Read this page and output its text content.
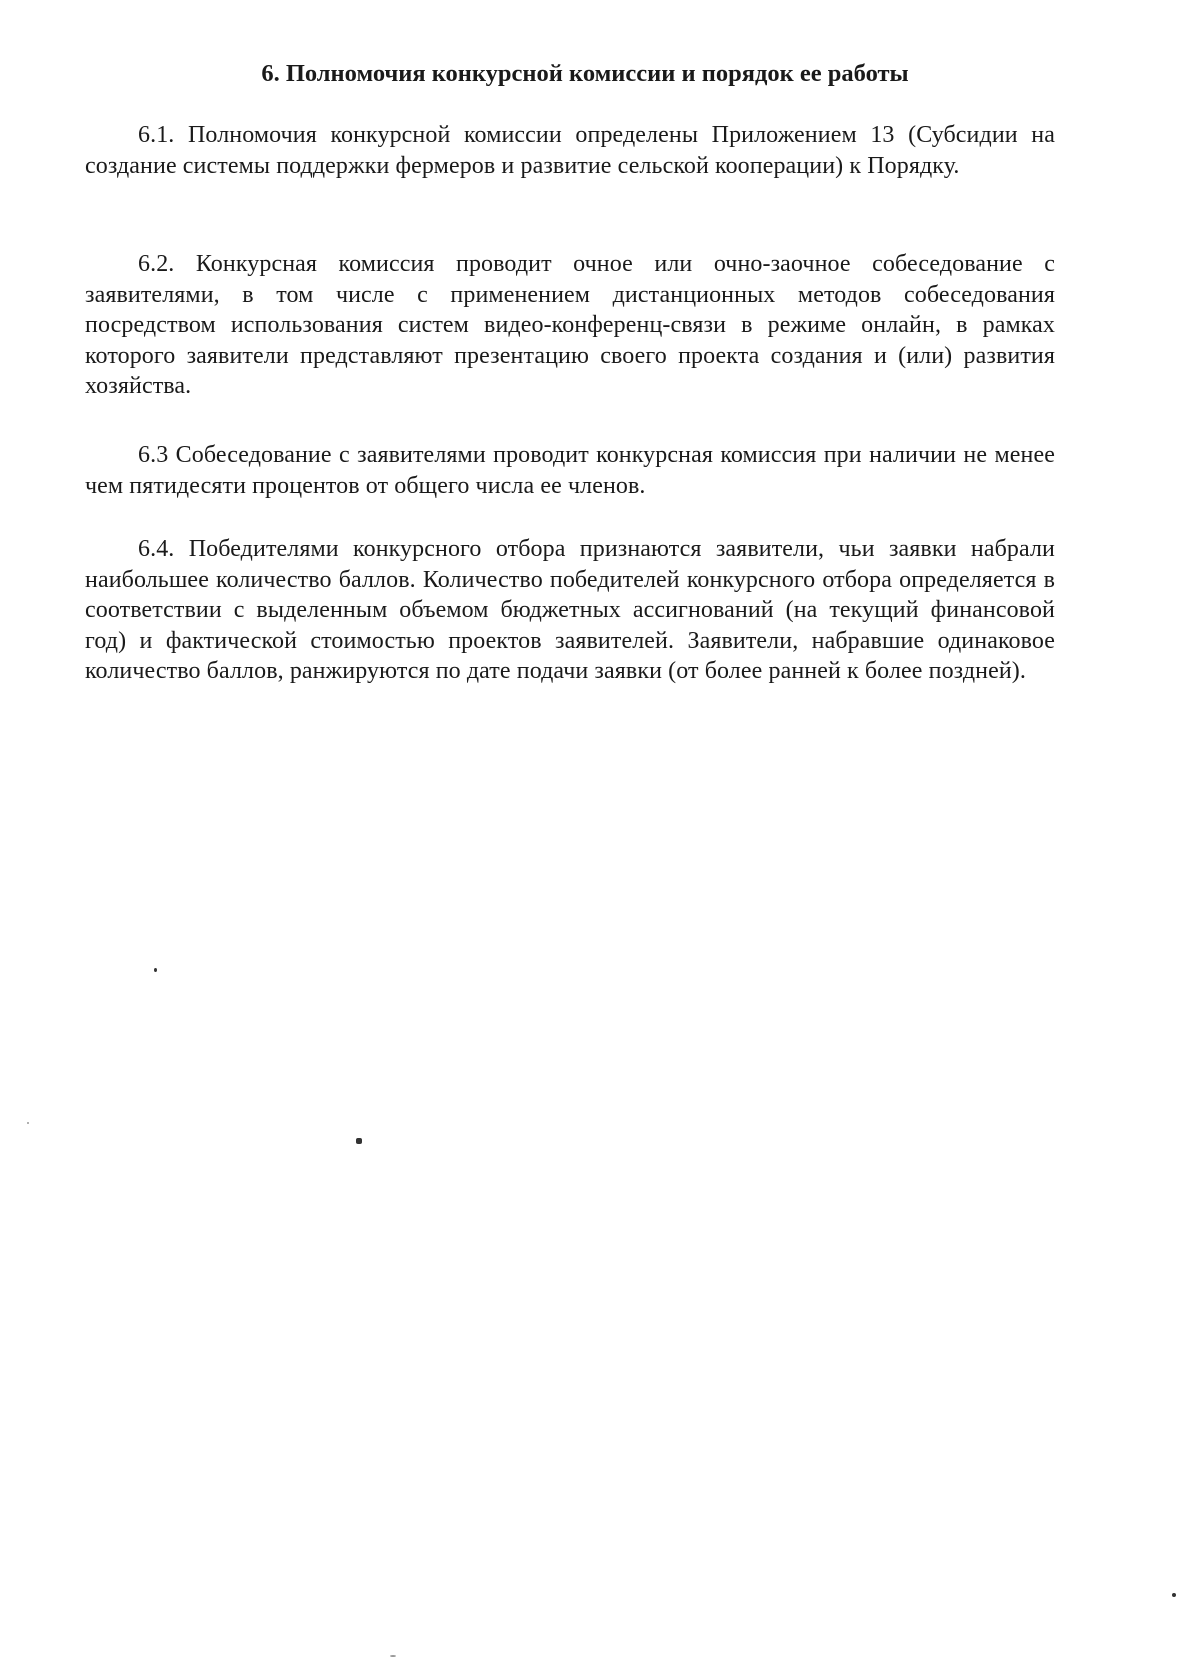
6. Полномочия конкурсной комиссии и порядок ее работы

6.1. Полномочия конкурсной комиссии определены Приложением 13 (Субсидии на создание системы поддержки фермеров и развитие сельской кооперации) к Порядку.

6.2. Конкурсная комиссия проводит очное или очно-заочное собеседование с заявителями, в том числе с применением дистанционных методов собеседования посредством использования систем видео-конференц-связи в режиме онлайн, в рамках которого заявители представляют презентацию своего проекта создания и (или) развития хозяйства.

6.3 Собеседование с заявителями проводит конкурсная комиссия при наличии не менее чем пятидесяти процентов от общего числа ее членов.

6.4. Победителями конкурсного отбора признаются заявители, чьи заявки набрали наибольшее количество баллов. Количество победителей конкурсного отбора определяется в соответствии с выделенным объемом бюджетных ассигнований (на текущий финансовой год) и фактической стоимостью проектов заявителей. Заявители, набравшие одинаковое количество баллов, ранжируются по дате подачи заявки (от более ранней к более поздней).
